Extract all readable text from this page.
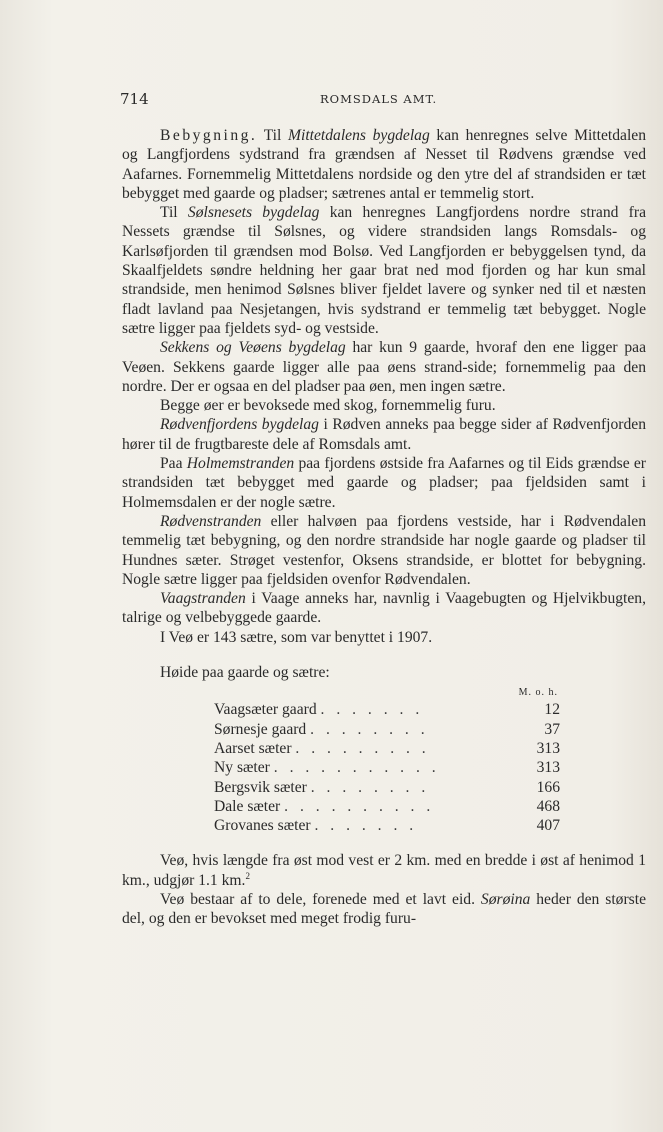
714	ROMSDALS AMT.

Bebygning. Til Mittetdalens bygdelag kan henregnes selve Mittetdalen og Langfjordens sydstrand fra grændsen af Nesset til Rødvens grændse ved Aafarnes. Fornemmelig Mittetdalens nordside og den ytre del af strandsiden er tæt bebygget med gaarde og pladser; sætrenes antal er temmelig stort.

Til Sølsnesets bygdelag kan henregnes Langfjordens nordre strand fra Nessets grændse til Sølsnes, og videre strandsiden langs Romsdals- og Karlsøfjorden til grændsen mod Bolsø. Ved Langfjorden er bebyggelsen tynd, da Skaalfjeldets søndre heldning her gaar brat ned mod fjorden og har kun smal strandside, men henimod Sølsnes bliver fjeldet lavere og synker ned til et næsten fladt lavland paa Nesjetangen, hvis sydstrand er temmelig tæt bebygget. Nogle sætre ligger paa fjeldets syd- og vestside.

Sekkens og Veøens bygdelag har kun 9 gaarde, hvoraf den ene ligger paa Veøen. Sekkens gaarde ligger alle paa øens strand-side; fornemmelig paa den nordre. Der er ogsaa en del pladser paa øen, men ingen sætre.

Begge øer er bevoksede med skog, fornemmelig furu.

Rødvenfjordens bygdelag i Rødven anneks paa begge sider af Rødvenfjorden hører til de frugtbareste dele af Romsdals amt.

Paa Holmemstranden paa fjordens østside fra Aafarnes og til Eids grændse er strandsiden tæt bebygget med gaarde og pladser; paa fjeldsiden samt i Holmemsdalen er der nogle sætre.

Rødvenstranden eller halvøen paa fjordens vestside, har i Rødvendalen temmelig tæt bebygning, og den nordre strandside har nogle gaarde og pladser til Hundnes sæter. Strøget vestenfor, Oksens strandside, er blottet for bebygning. Nogle sætre ligger paa fjeldsiden ovenfor Rødvendalen.

Vaagstranden i Vaage anneks har, navnlig i Vaagebugten og Hjelvikbugten, talrige og velbebyggede gaarde.

I Veø er 143 sætre, som var benyttet i 1907.

Høide paa gaarde og sætre:

M. o. h.
Vaagsæter gaard . . . . . . .	12
Sørnesje gaard . . . . . . . .	37
Aarset sæter . . . . . . . . .	313
Ny sæter . . . . . . . . . . .	313
Bergsvik sæter . . . . . . . .	166
Dale sæter . . . . . . . . . .	468
Grovanes sæter . . . . . . .	407

Veø, hvis længde fra øst mod vest er 2 km. med en bredde i øst af henimod 1 km., udgjør 1.1 km.$^2$

Veø bestaar af to dele, forenede med et lavt eid. Sørøina heder den største del, og den er bevokset med meget frodig furu-
